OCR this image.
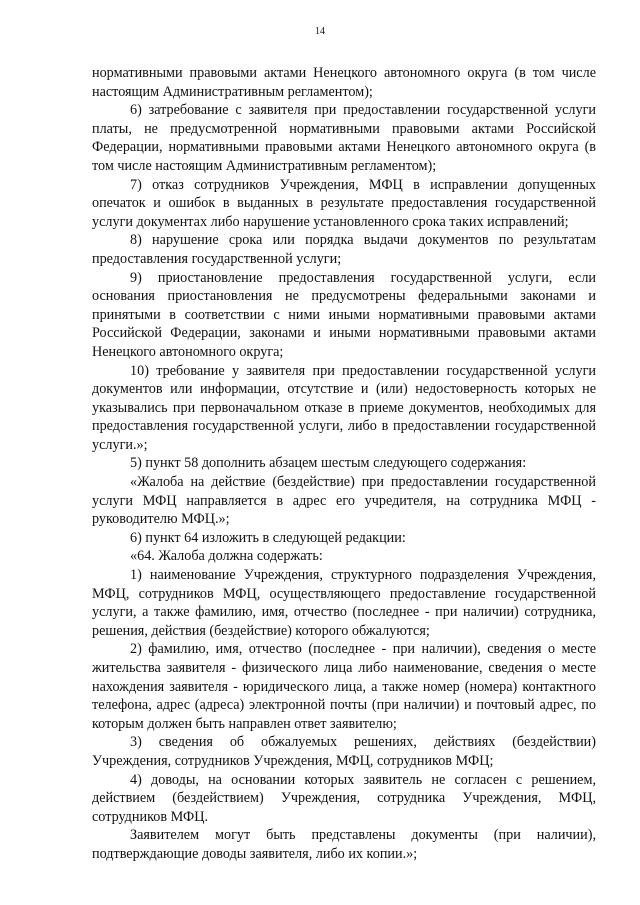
14

нормативными правовыми актами Ненецкого автономного округа (в том числе настоящим Административным регламентом);

6) затребование с заявителя при предоставлении государственной услуги платы, не предусмотренной нормативными правовыми актами Российской Федерации, нормативными правовыми актами Ненецкого автономного округа (в том числе настоящим Административным регламентом);

7) отказ сотрудников Учреждения, МФЦ в исправлении допущенных опечаток и ошибок в выданных в результате предоставления государственной услуги документах либо нарушение установленного срока таких исправлений;

8) нарушение срока или порядка выдачи документов по результатам предоставления государственной услуги;

9) приостановление предоставления государственной услуги, если основания приостановления не предусмотрены федеральными законами и принятыми в соответствии с ними иными нормативными правовыми актами Российской Федерации, законами и иными нормативными правовыми актами Ненецкого автономного округа;

10) требование у заявителя при предоставлении государственной услуги документов или информации, отсутствие и (или) недостоверность которых не указывались при первоначальном отказе в приеме документов, необходимых для предоставления государственной услуги, либо в предоставлении государственной услуги.»;

5) пункт 58 дополнить абзацем шестым следующего содержания:

«Жалоба на действие (бездействие) при предоставлении государственной услуги МФЦ направляется в адрес его учредителя, на сотрудника МФЦ - руководителю МФЦ.»;

6) пункт 64 изложить в следующей редакции:

«64. Жалоба должна содержать:

1) наименование Учреждения, структурного подразделения Учреждения, МФЦ, сотрудников МФЦ, осуществляющего предоставление государственной услуги, а также фамилию, имя, отчество (последнее - при наличии) сотрудника, решения, действия (бездействие) которого обжалуются;

2) фамилию, имя, отчество (последнее - при наличии), сведения о месте жительства заявителя - физического лица либо наименование, сведения о месте нахождения заявителя - юридического лица, а также номер (номера) контактного телефона, адрес (адреса) электронной почты (при наличии) и почтовый адрес, по которым должен быть направлен ответ заявителю;

3) сведения об обжалуемых решениях, действиях (бездействии) Учреждения, сотрудников Учреждения, МФЦ, сотрудников МФЦ;

4) доводы, на основании которых заявитель не согласен с решением, действием (бездействием) Учреждения, сотрудника Учреждения, МФЦ, сотрудников МФЦ.

Заявителем могут быть представлены документы (при наличии), подтверждающие доводы заявителя, либо их копии.»;
